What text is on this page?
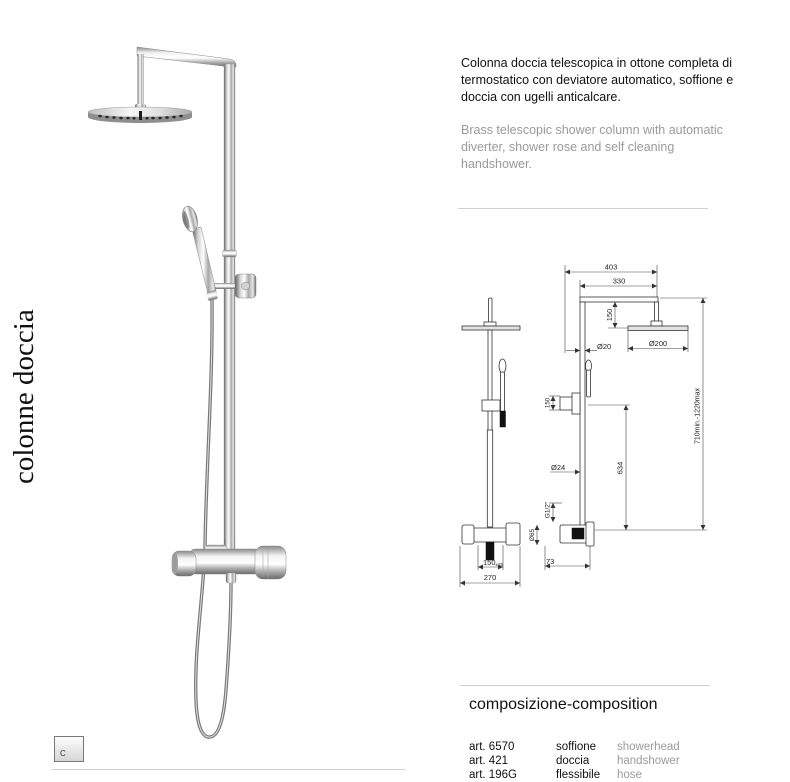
colonne doccia
Colonna doccia telescopica in ottone completa di
termostatico con deviatore automatico, soffione e
doccia con ugelli anticalcare.
Brass telescopic shower column with automatic
diverter, shower rose and self cleaning
handshower.
150 ±25
270
403
330
150
Ø200
Ø20
150
634
710min.-1220max
Ø24
G1/2"
Ø65
73
composizione-composition
art. 6570	soffione showerhead
art. 421	doccia handshower
art. 196G	flessibile hose
C
